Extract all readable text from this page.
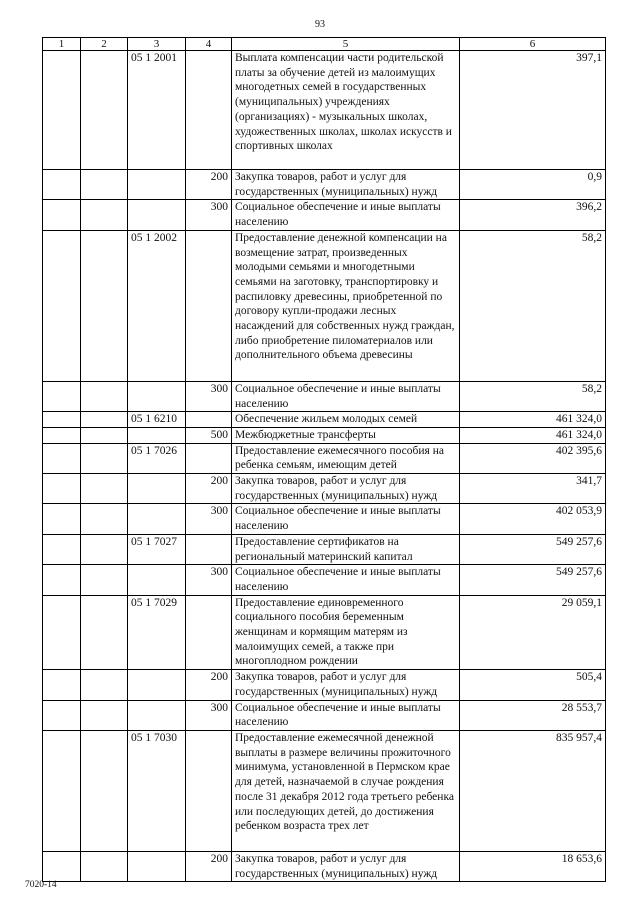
93
1	2	3	4	5	6
		05 1 2001		Выплата компенсации части родительской платы за обучение детей из малоимущих многодетных семей в государственных (муниципальных) учреждениях (организациях) - музыкальных школах, художественных школах, школах искусств и спортивных школах	397,1
			200	Закупка товаров, работ и услуг для государственных (муниципальных) нужд	0,9
			300	Социальное обеспечение и иные выплаты населению	396,2
		05 1 2002		Предоставление денежной компенсации на возмещение затрат, произведенных молодыми семьями и многодетными семьями на заготовку, транспортировку и распиловку древесины, приобретенной по договору купли-продажи лесных насаждений для собственных нужд граждан, либо приобретение пиломатериалов или дополнительного объема древесины	58,2
			300	Социальное обеспечение и иные выплаты населению	58,2
		05 1 6210		Обеспечение жильем молодых семей	461 324,0
			500	Межбюджетные трансферты	461 324,0
		05 1 7026		Предоставление ежемесячного пособия на ребенка семьям, имеющим детей	402 395,6
			200	Закупка товаров, работ и услуг для государственных (муниципальных) нужд	341,7
			300	Социальное обеспечение и иные выплаты населению	402 053,9
		05 1 7027		Предоставление сертификатов на региональный материнский капитал	549 257,6
			300	Социальное обеспечение и иные выплаты населению	549 257,6
		05 1 7029		Предоставление единовременного социального пособия беременным женщинам и кормящим матерям из малоимущих семей, а также при многоплодном рождении	29 059,1
			200	Закупка товаров, работ и услуг для государственных (муниципальных) нужд	505,4
			300	Социальное обеспечение и иные выплаты населению	28 553,7
		05 1 7030		Предоставление ежемесячной денежной выплаты в размере величины прожиточного минимума, установленной в Пермском крае для детей, назначаемой в случае рождения после 31 декабря 2012 года третьего ребенка или последующих детей, до достижения ребенком возраста трех лет	835 957,4
			200	Закупка товаров, работ и услуг для государственных (муниципальных) нужд	18 653,6
7020-14
